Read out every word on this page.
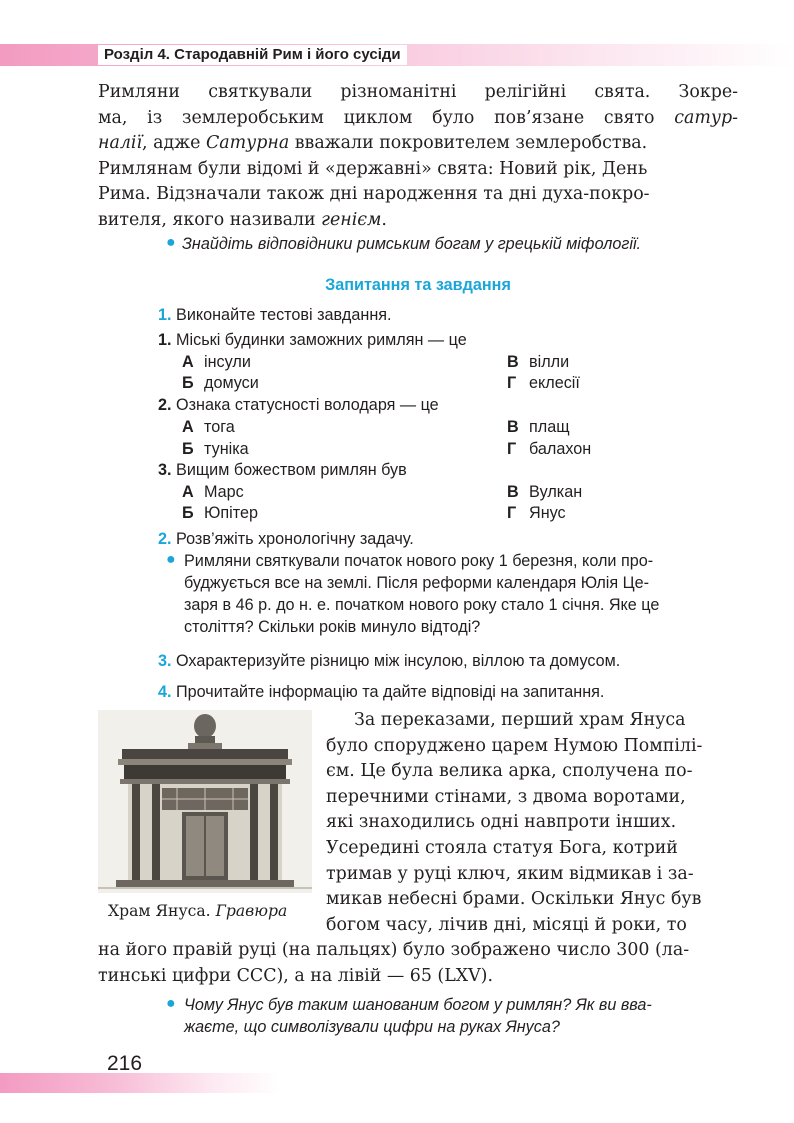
Розділ 4. Стародавній Рим і його сусіди
Римляни святкували різноманітні релігійні свята. Зокре-
ма, із землеробським циклом було пов’язане свято сатур-
налії, адже Сатурна вважали покровителем землеробства.
Римлянам були відомі й «державні» свята: Новий рік, День
Рима. Відзначали також дні народження та дні духа-покро-
вителя, якого називали генієм.
● Знайдіть відповідники римським богам у грецькій міфології.
Запитання та завдання
1. Виконайте тестові завдання.
1. Міські будинки заможних римлян — це
А інсули	В вілли
Б домуси	Г еклесії
2. Ознака статусності володаря — це
А тога	В плащ
Б туніка	Г балахон
3. Вищим божеством римлян був
А Марс	В Вулкан
Б Юпітер	Г Янус
2. Розв’яжіть хронологічну задачу.
● Римляни святкували початок нового року 1 березня, коли про-
буджується все на землі. Після реформи календаря Юлія Це-
заря в 46 р. до н. е. початком нового року стало 1 січня. Яке це
століття? Скільки років минуло відтоді?
3. Охарактеризуйте різницю між інсулою, віллою та домусом.
4. Прочитайте інформацію та дайте відповіді на запитання.
Храм Януса. Гравюра
За переказами, перший храм Януса
було споруджено царем Нумою Помпілі-
єм. Це була велика арка, сполучена по-
перечними стінами, з двома воротами,
які знаходились одні навпроти інших.
Усередині стояла статуя Бога, котрий
тримав у руці ключ, яким відмикав і за-
микав небесні брами. Оскільки Янус був
богом часу, лічив дні, місяці й роки, то
на його правій руці (на пальцях) було зображено число 300 (ла-
тинські цифри CCC), а на лівій — 65 (LXV).
● Чому Янус був таким шанованим богом у римлян? Як ви вва-
жаєте, що символізували цифри на руках Януса?
216
